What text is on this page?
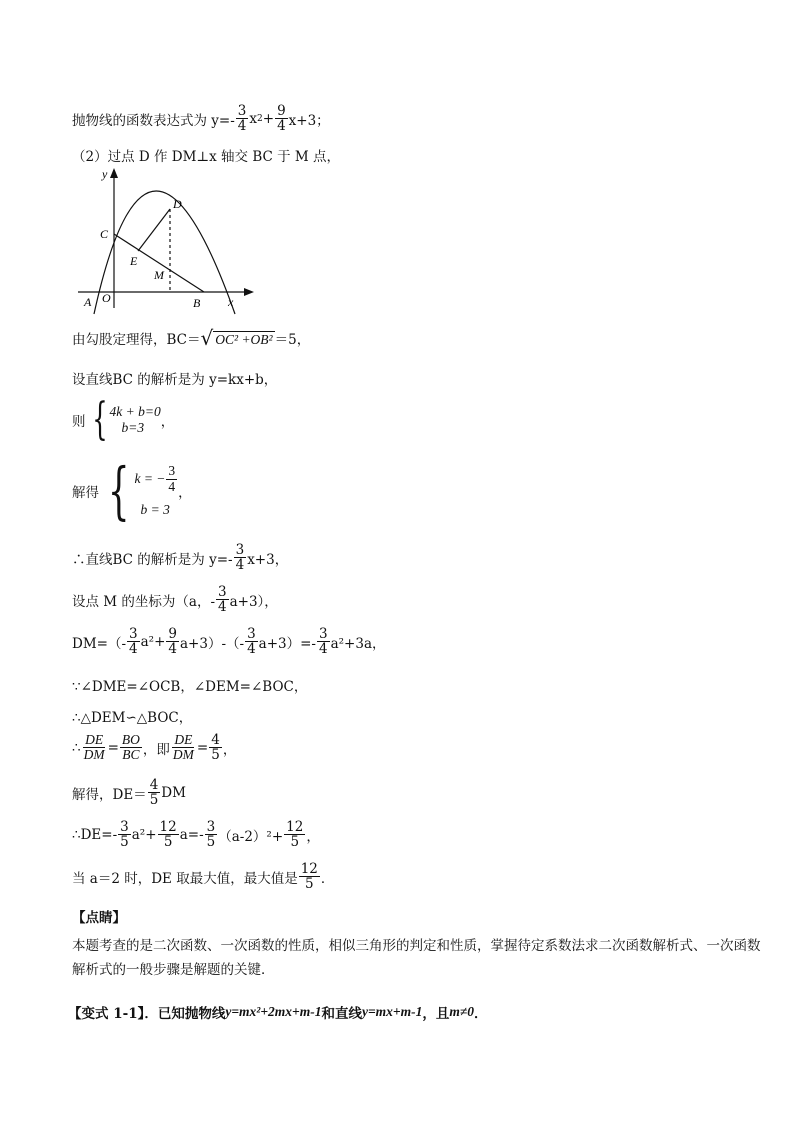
抛物线的函数表达式为 $y=- \frac{3}{4}$ x $2 + \frac{9}{4} x+3$；
（2）过点 D 作 DM⊥x 轴交 BC 于 M 点，
由勾股定理得，BC＝ √ OC² +OB² ＝5，
设直线BC 的解析是为 y=kx+b，
则 { 4k + b=0
b=3	，
解得 { k = − $\frac{3}{4}$
b = 3
，
∴直线BC 的解析是为 $y=- \frac{3}{4} x+3$，
设点 M 的坐标为（a，- $\frac{3}{4} a+3$），
$DM=(- \frac{3}{4} a^2+ \frac{9}{4} a+3)-(- \frac{3}{4} a+3)=- \frac{3}{4} a^2+3a$，
∵∠DME=∠OCB，∠DEM=∠BOC，
∴△DEM∽△BOC，
∴ $\frac{DE}{DM} = \frac{BO}{BC}$ ，即 $\frac{DE}{DM} = \frac{4}{5}$ ，
解得，$DE= \frac{4}{5}$ DM
∴DE=- $\frac{3}{5} a^2+ \frac{12}{5} a=- \frac{3}{5} (a-2)^2+ \frac{12}{5}$ ，
当 a＝2 时，DE 取最大值，最大值是 $\frac{12}{5}$ ．
【点睛】
本题考查的是二次函数、一次函数的性质，相似三角形的判定和性质，掌握待定系数法求二次函数解析式、一次函数解析式的一般步骤是解题的关键．
【变式 1-1】．已知抛物线 y=mx²+2mx+m-1 和直线 y=mx+m-1 ，且 m≠0 ．
y
x
C
D
E
M
A O	B
